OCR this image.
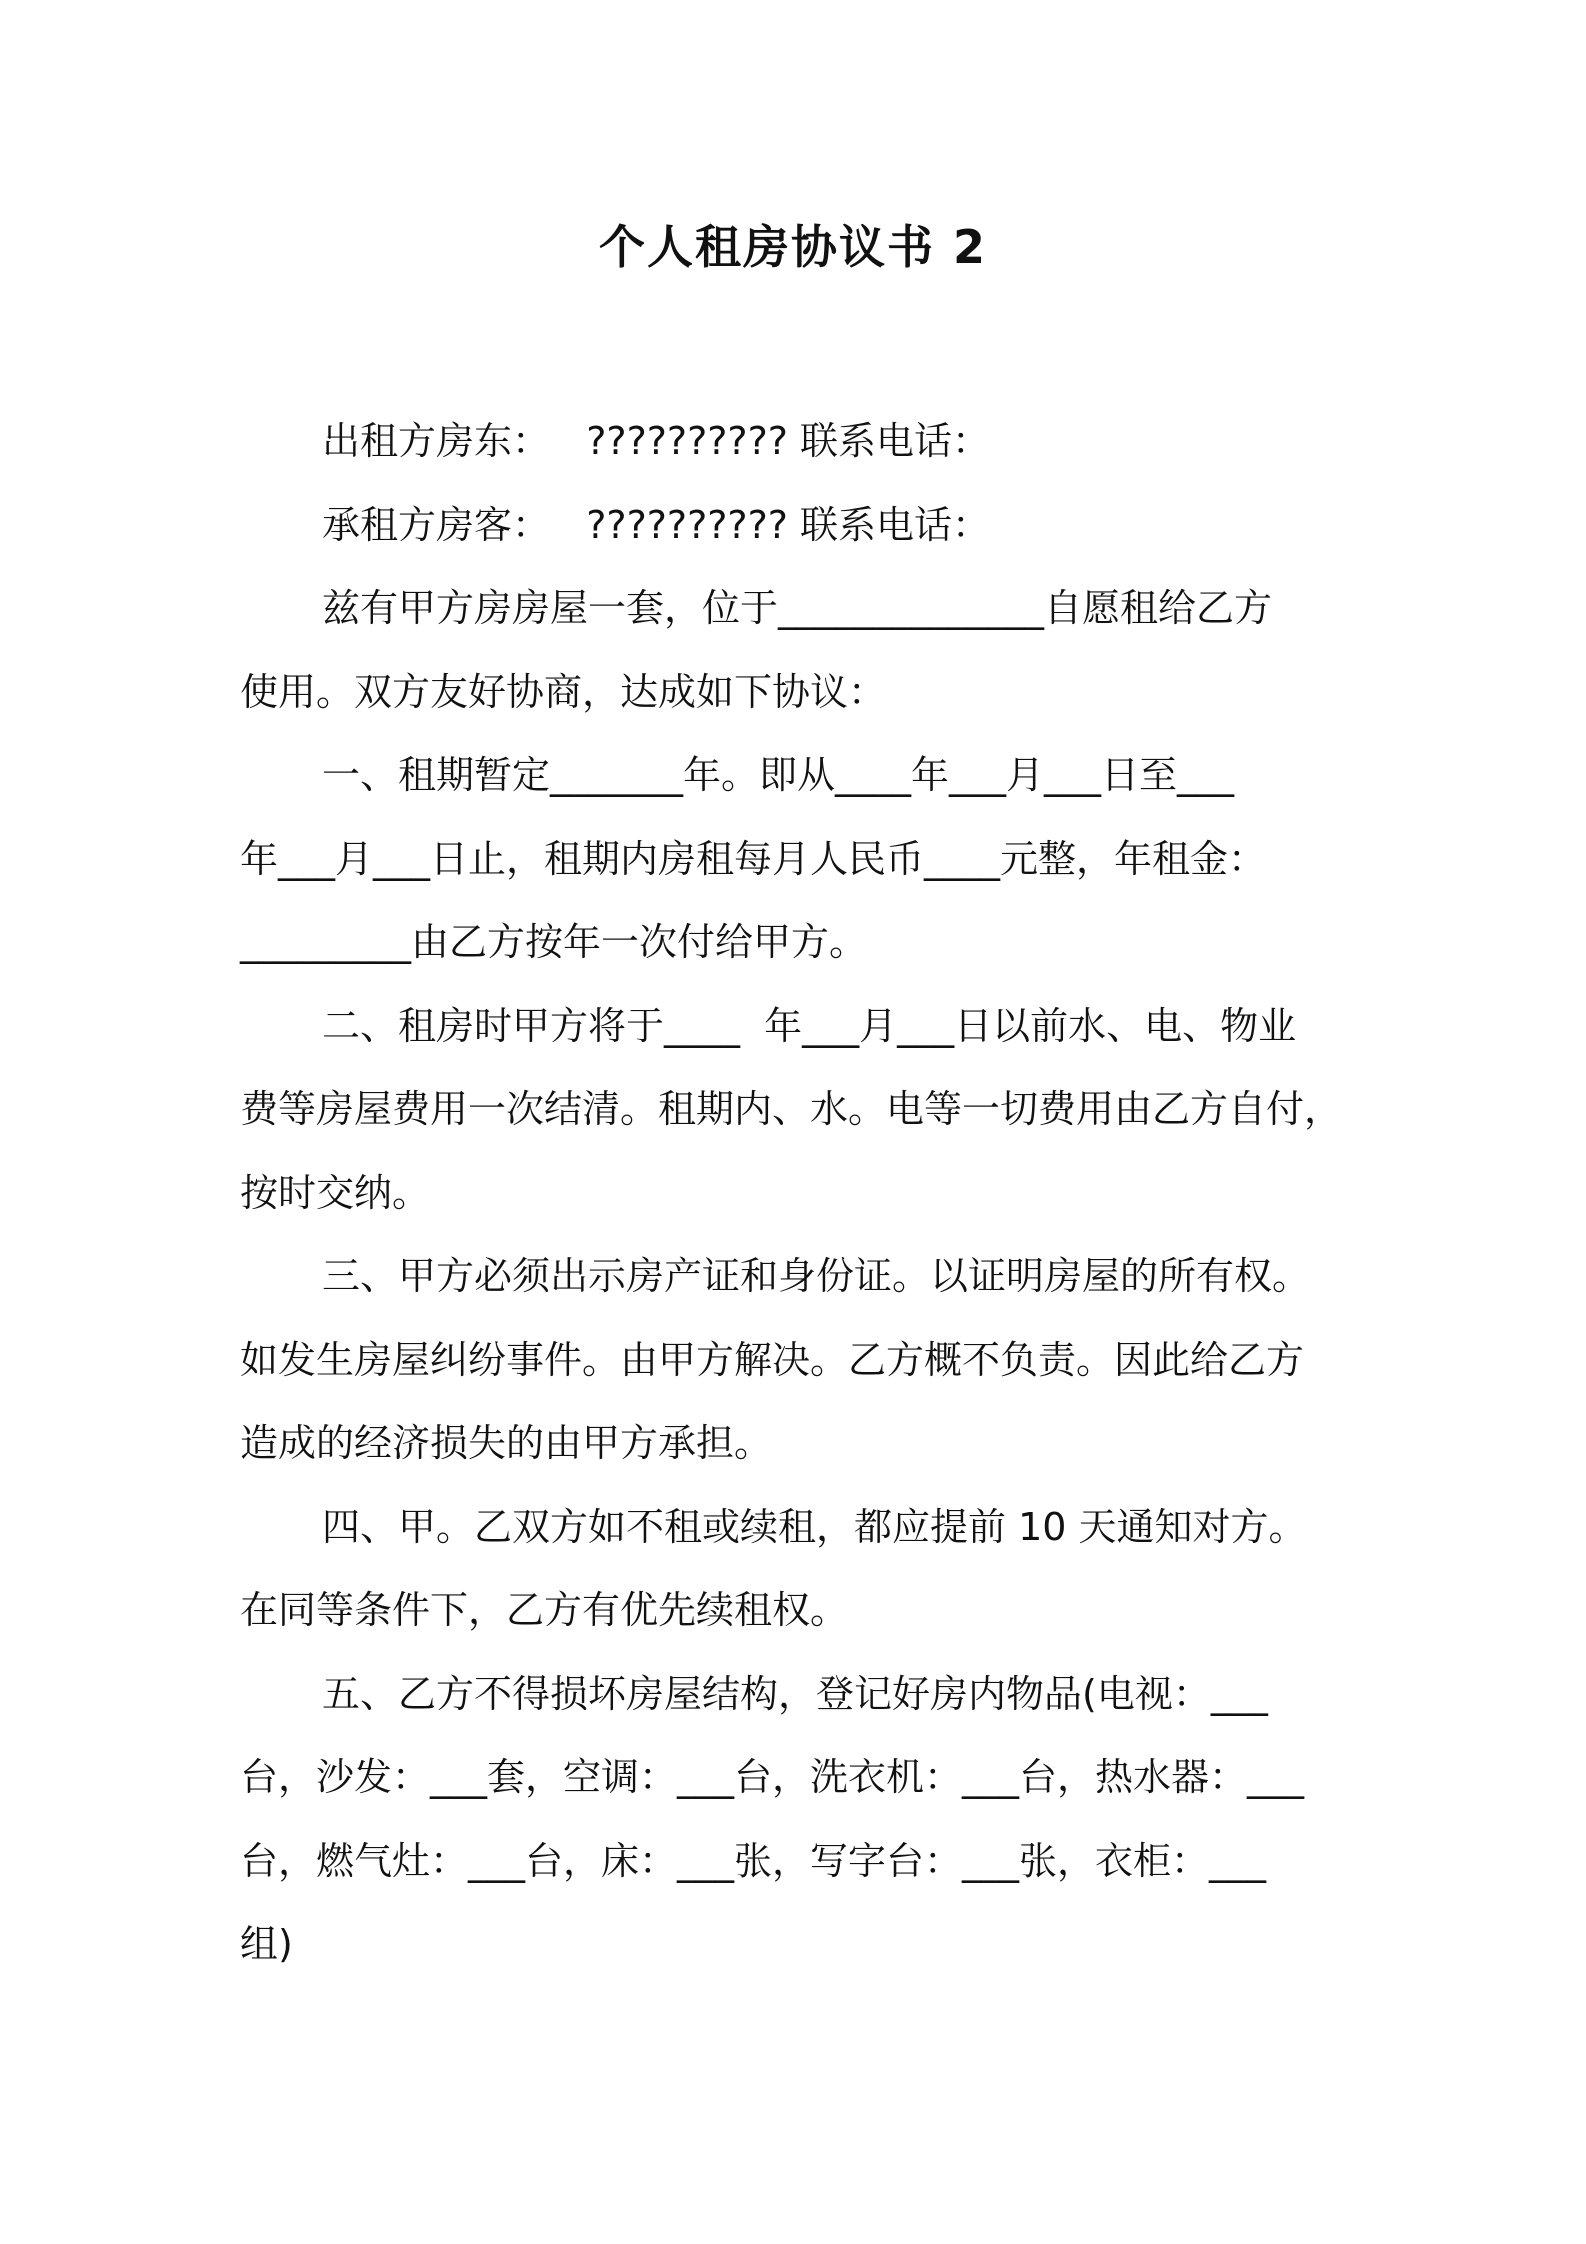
个人租房协议书 2
出租方房东：   ?????????? 联系电话：
承租方房客：   ?????????? 联系电话：
兹有甲方房房屋一套，位于______________自愿租给乙方
使用。双方友好协商，达成如下协议：
一、租期暂定_______年。即从____年___月___日至___
年___月___日止，租期内房租每月人民币____元整，年租金：
_________由乙方按年一次付给甲方。
二、租房时甲方将于____  年___月___日以前水、电、物业
费等房屋费用一次结清。租期内、水。电等一切费用由乙方自付，
按时交纳。
三、甲方必须出示房产证和身份证。以证明房屋的所有权。
如发生房屋纠纷事件。由甲方解决。乙方概不负责。因此给乙方
造成的经济损失的由甲方承担。
四、甲。乙双方如不租或续租，都应提前 10 天通知对方。
在同等条件下，乙方有优先续租权。
五、乙方不得损坏房屋结构，登记好房内物品(电视：___
台，沙发：___套，空调：___台，洗衣机：___台，热水器：___
台，燃气灶：___台，床：___张，写字台：___张，衣柜：___
组)
